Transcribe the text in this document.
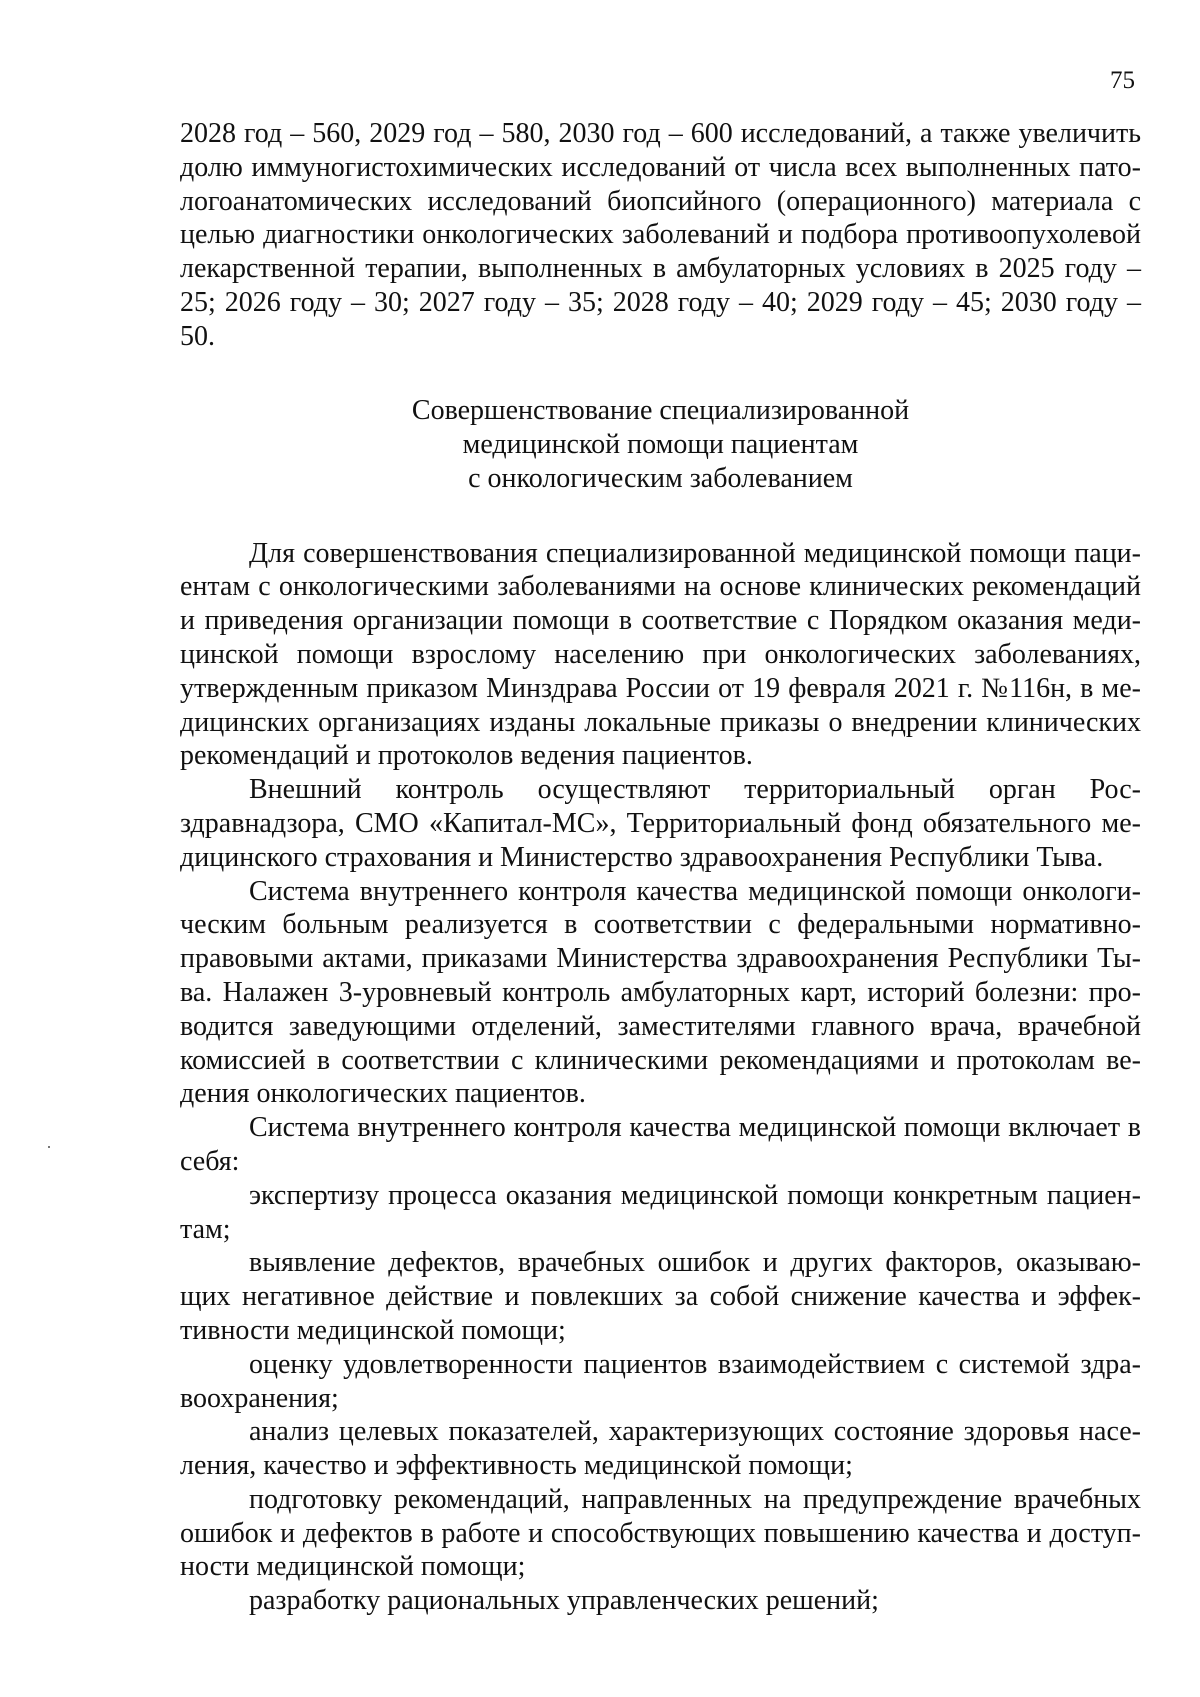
75

2028 год – 560, 2029 год – 580, 2030 год – 600 исследований, а также увеличить долю иммуногистохимических исследований от числа всех выполненных патологоанатомических исследований биопсийного (операционного) материала с целью диагностики онкологических заболеваний и подбора противоопухолевой лекарственной терапии, выполненных в амбулаторных условиях в 2025 году – 25; 2026 году – 30; 2027 году – 35; 2028 году – 40; 2029 году – 45; 2030 году – 50.

Совершенствование специализированной
медицинской помощи пациентам
с онкологическим заболеванием

Для совершенствования специализированной медицинской помощи пациентам с онкологическими заболеваниями на основе клинических рекомендаций и приведения организации помощи в соответствие с Порядком оказания медицинской помощи взрослому населению при онкологических заболеваниях, утвержденным приказом Минздрава России от 19 февраля 2021 г. №116н, в медицинских организациях изданы локальные приказы о внедрении клинических рекомендаций и протоколов ведения пациентов.

Внешний контроль осуществляют территориальный орган Росздравнадзора, СМО «Капитал-МС», Территориальный фонд обязательного медицинского страхования и Министерство здравоохранения Республики Тыва.

Система внутреннего контроля качества медицинской помощи онкологическим больным реализуется в соответствии с федеральными нормативно-правовыми актами, приказами Министерства здравоохранения Республики Тыва. Налажен 3-уровневый контроль амбулаторных карт, историй болезни: проводится заведующими отделений, заместителями главного врача, врачебной комиссией в соответствии с клиническими рекомендациями и протоколам ведения онкологических пациентов.

Система внутреннего контроля качества медицинской помощи включает в себя:

экспертизу процесса оказания медицинской помощи конкретным пациентам;

выявление дефектов, врачебных ошибок и других факторов, оказывающих негативное действие и повлекших за собой снижение качества и эффективности медицинской помощи;

оценку удовлетворенности пациентов взаимодействием с системой здравоохранения;

анализ целевых показателей, характеризующих состояние здоровья населения, качество и эффективность медицинской помощи;

подготовку рекомендаций, направленных на предупреждение врачебных ошибок и дефектов в работе и способствующих повышению качества и доступности медицинской помощи;

разработку рациональных управленческих решений;
